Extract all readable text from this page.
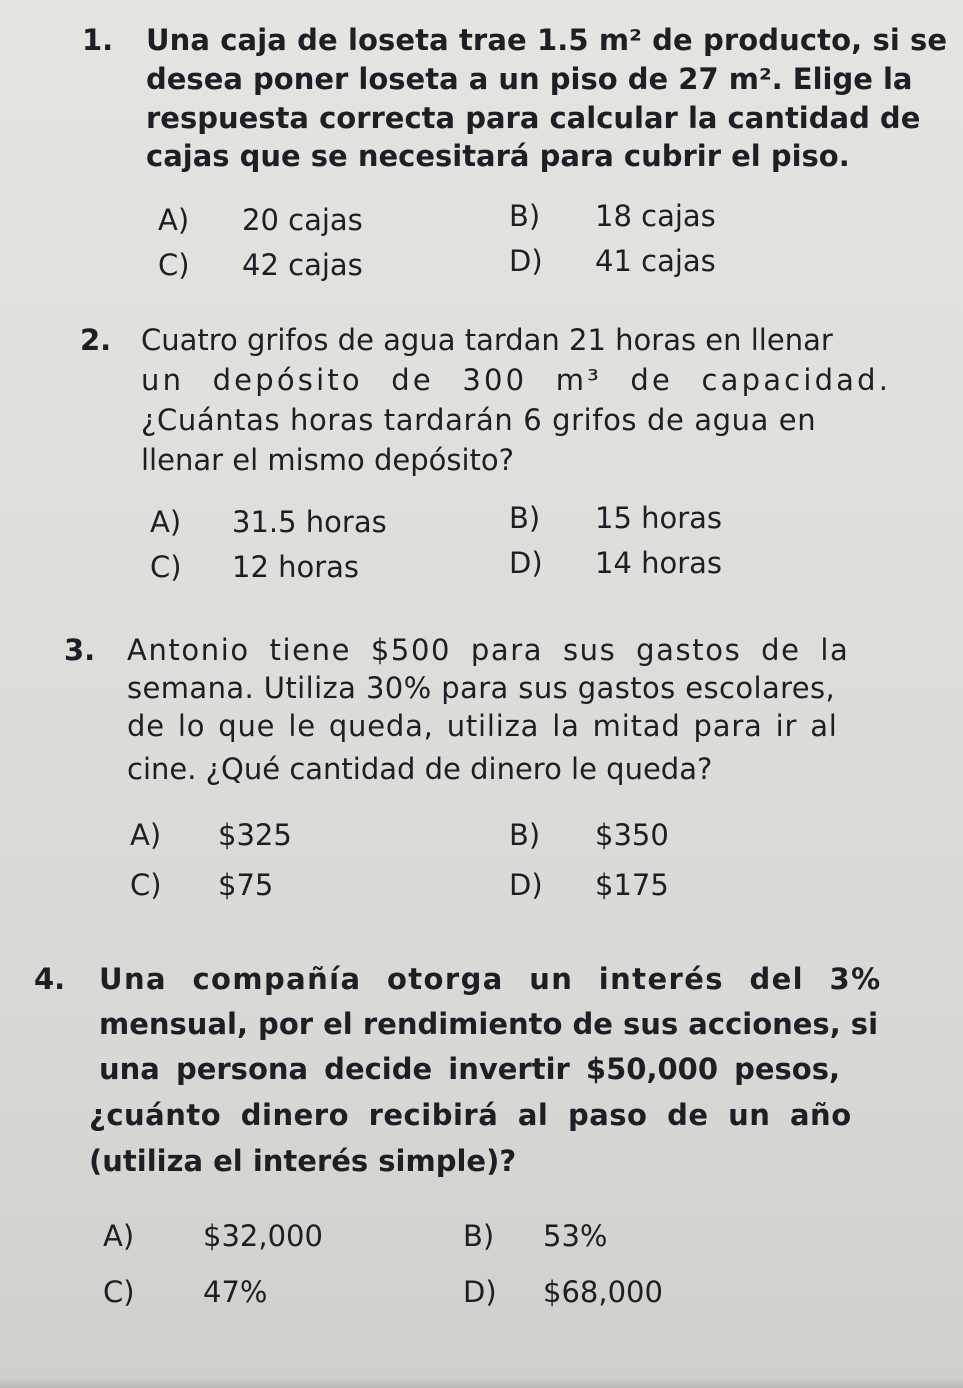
1. Una caja de loseta trae 1.5 m² de producto, si se
desea poner loseta a un piso de 27 m². Elige la
respuesta correcta para calcular la cantidad de
cajas que se necesitará para cubrir el piso.
A) 20 cajas	B) 18 cajas
C) 42 cajas	D) 41 cajas
2. Cuatro grifos de agua tardan 21 horas en llenar
un depósito de 300 m³ de capacidad.
¿Cuántas horas tardarán 6 grifos de agua en
llenar el mismo depósito?
A) 31.5 horas	B) 15 horas
C) 12 horas	D) 14 horas
3. Antonio tiene $500 para sus gastos de la
semana. Utiliza 30% para sus gastos escolares,
de lo que le queda, utiliza la mitad para ir al
cine. ¿Qué cantidad de dinero le queda?
A) $325	B) $350
C) $75	D) $175
4. Una compañía otorga un interés del 3%
mensual, por el rendimiento de sus acciones, si
una persona decide invertir $50,000 pesos,
¿cuánto dinero recibirá al paso de un año
(utiliza el interés simple)?
A) $32,000	B) 53%
C) 47%	D) $68,000
